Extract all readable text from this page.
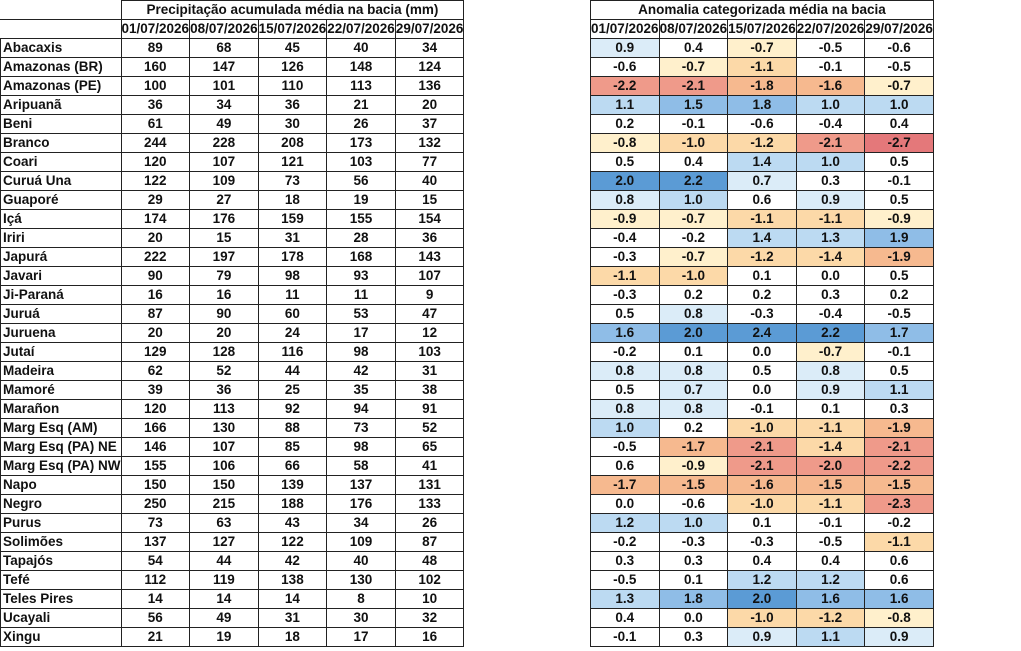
	Precipitação acumulada média na bacia (mm)				
	01/07/2026	08/07/2026	15/07/2026	22/07/2026	29/07/2026
Abacaxis	89	68	45	40	34
Amazonas (BR)	160	147	126	148	124
Amazonas (PE)	100	101	110	113	136
Aripuanã	36	34	36	21	20
Beni	61	49	30	26	37
Branco	244	228	208	173	132
Coari	120	107	121	103	77
Curuá Una	122	109	73	56	40
Guaporé	29	27	18	19	15
Içá	174	176	159	155	154
Iriri	20	15	31	28	36
Japurá	222	197	178	168	143
Javari	90	79	98	93	107
Ji-Paraná	16	16	11	11	9
Juruá	87	90	60	53	47
Juruena	20	20	24	17	12
Jutaí	129	128	116	98	103
Madeira	62	52	44	42	31
Mamoré	39	36	25	35	38
Marañon	120	113	92	94	91
Marg Esq (AM)	166	130	88	73	52
Marg Esq (PA) NE	146	107	85	98	65
Marg Esq (PA) NW	155	106	66	58	41
Napo	150	150	139	137	131
Negro	250	215	188	176	133
Purus	73	63	43	34	26
Solimões	137	127	122	109	87
Tapajós	54	44	42	40	48
Tefé	112	119	138	130	102
Teles Pires	14	14	14	8	10
Ucayali	56	49	31	30	32
Xingu	21	19	18	17	16
Anomalia categorizada média na bacia				
01/07/2026	08/07/2026	15/07/2026	22/07/2026	29/07/2026
0.9	0.4	-0.7	-0.5	-0.6
-0.6	-0.7	-1.1	-0.1	-0.5
-2.2	-2.1	-1.8	-1.6	-0.7
1.1	1.5	1.8	1.0	1.0
0.2	-0.1	-0.6	-0.4	0.4
-0.8	-1.0	-1.2	-2.1	-2.7
0.5	0.4	1.4	1.0	0.5
2.0	2.2	0.7	0.3	-0.1
0.8	1.0	0.6	0.9	0.5
-0.9	-0.7	-1.1	-1.1	-0.9
-0.4	-0.2	1.4	1.3	1.9
-0.3	-0.7	-1.2	-1.4	-1.9
-1.1	-1.0	0.1	0.0	0.5
-0.3	0.2	0.2	0.3	0.2
0.5	0.8	-0.3	-0.4	-0.5
1.6	2.0	2.4	2.2	1.7
-0.2	0.1	0.0	-0.7	-0.1
0.8	0.8	0.5	0.8	0.5
0.5	0.7	0.0	0.9	1.1
0.8	0.8	-0.1	0.1	0.3
1.0	0.2	-1.0	-1.1	-1.9
-0.5	-1.7	-2.1	-1.4	-2.1
0.6	-0.9	-2.1	-2.0	-2.2
-1.7	-1.5	-1.6	-1.5	-1.5
0.0	-0.6	-1.0	-1.1	-2.3
1.2	1.0	0.1	-0.1	-0.2
-0.2	-0.3	-0.3	-0.5	-1.1
0.3	0.3	0.4	0.4	0.6
-0.5	0.1	1.2	1.2	0.6
1.3	1.8	2.0	1.6	1.6
0.4	0.0	-1.0	-1.2	-0.8
-0.1	0.3	0.9	1.1	0.9
